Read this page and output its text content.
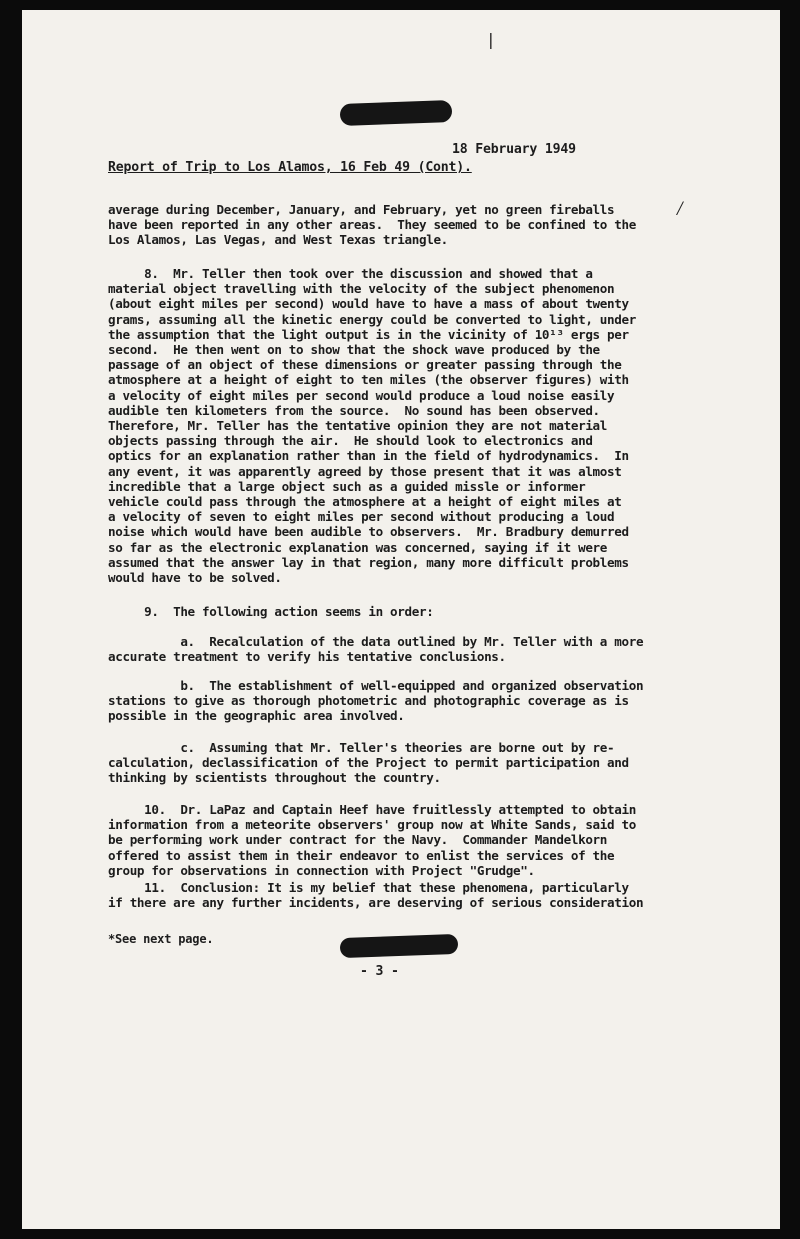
18 February 1949
Report of Trip to Los Alamos, 16 Feb 49 (Cont).
average during December, January, and February, yet no green fireballs
have been reported in any other areas.  They seemed to be confined to the
Los Alamos, Las Vegas, and West Texas triangle.
8.  Mr. Teller then took over the discussion and showed that a
material object travelling with the velocity of the subject phenomenon
(about eight miles per second) would have to have a mass of about twenty
grams, assuming all the kinetic energy could be converted to light, under
the assumption that the light output is in the vicinity of 10¹³ ergs per
second.  He then went on to show that the shock wave produced by the
passage of an object of these dimensions or greater passing through the
atmosphere at a height of eight to ten miles (the observer figures) with
a velocity of eight miles per second would produce a loud noise easily
audible ten kilometers from the source.  No sound has been observed.
Therefore, Mr. Teller has the tentative opinion they are not material
objects passing through the air.  He should look to electronics and
optics for an explanation rather than in the field of hydrodynamics.  In
any event, it was apparently agreed by those present that it was almost
incredible that a large object such as a guided missle or informer
vehicle could pass through the atmosphere at a height of eight miles at
a velocity of seven to eight miles per second without producing a loud
noise which would have been audible to observers.  Mr. Bradbury demurred
so far as the electronic explanation was concerned, saying if it were
assumed that the answer lay in that region, many more difficult problems
would have to be solved.
9.  The following action seems in order:
a.  Recalculation of the data outlined by Mr. Teller with a more
accurate treatment to verify his tentative conclusions.
b.  The establishment of well-equipped and organized observation
stations to give as thorough photometric and photographic coverage as is
possible in the geographic area involved.
c.  Assuming that Mr. Teller's theories are borne out by re-
calculation, declassification of the Project to permit participation and
thinking by scientists throughout the country.
10.  Dr. LaPaz and Captain Heef have fruitlessly attempted to obtain
information from a meteorite observers' group now at White Sands, said to
be performing work under contract for the Navy.  Commander Mandelkorn
offered to assist them in their endeavor to enlist the services of the
group for observations in connection with Project "Grudge".
11.  Conclusion: It is my belief that these phenomena, particularly
if there are any further incidents, are deserving of serious consideration
*See next page.
- 3 -
⁄
|
